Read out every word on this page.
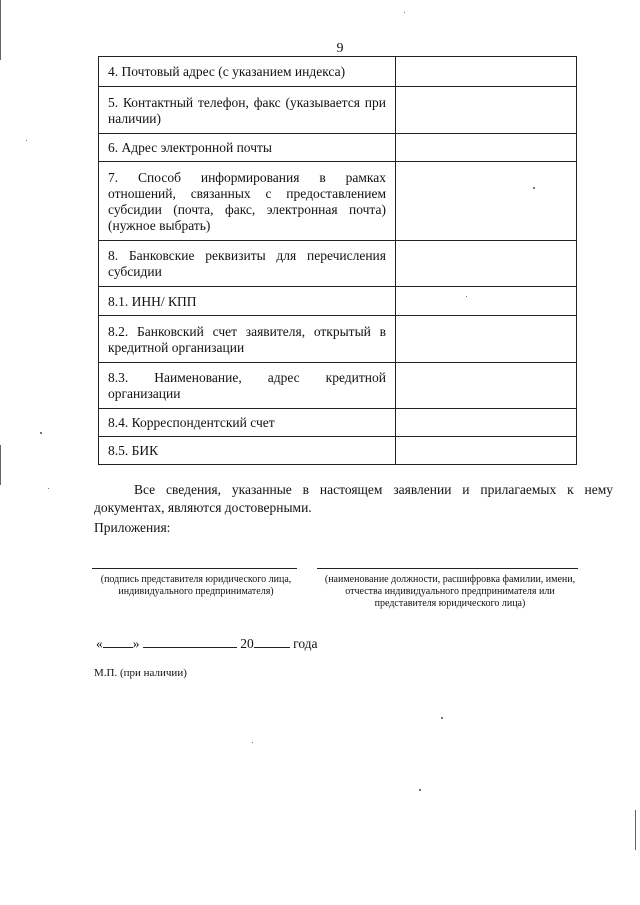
9
4. Почтовый адрес (с указанием индекса)	
5. Контактный телефон, факс (указывается при наличии)	
6. Адрес электронной почты	
7. Способ информирования в рамках отношений, связанных с предоставлением субсидии (почта, факс, электронная почта) (нужное выбрать)	
8. Банковские реквизиты для перечисления субсидии	
8.1. ИНН/ КПП	
8.2. Банковский счет заявителя, открытый в кредитной организации	
8.3. Наименование, адрес кредитной организации	
8.4. Корреспондентский счет	
8.5. БИК	
Все сведения, указанные в настоящем заявлении и прилагаемых к нему документах, являются достоверными.
Приложения:
(подпись представителя юридического лица, индивидуального предпринимателя)
(наименование должности, расшифровка фамилии, имени, отчества индивидуального предпринимателя или представителя юридического лица)
« »	20	года
М.П. (при наличии)
